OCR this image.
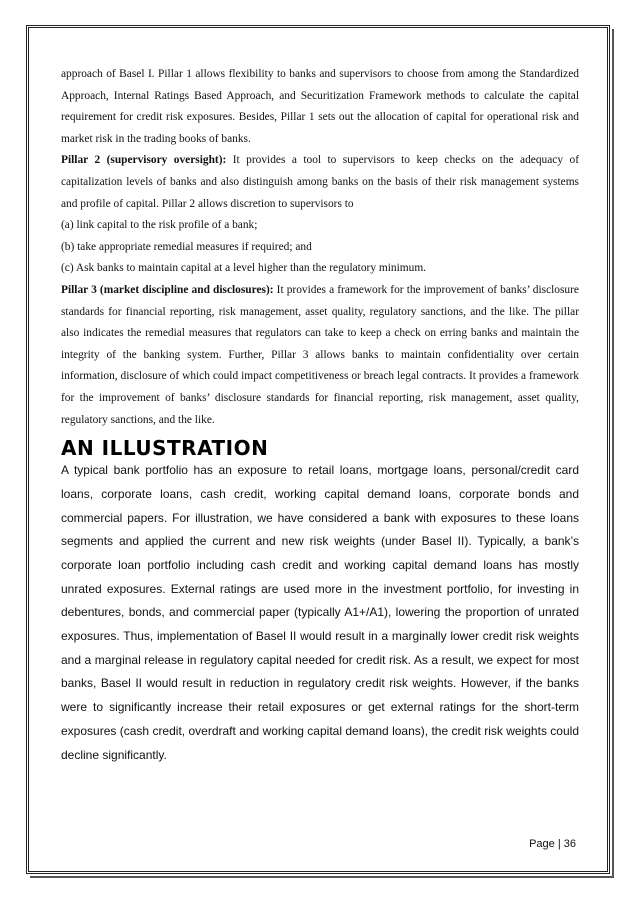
approach of Basel I. Pillar 1 allows flexibility to banks and supervisors to choose from among the Standardized Approach, Internal Ratings Based Approach, and Securitization Framework methods to calculate the capital requirement for credit risk exposures. Besides, Pillar 1 sets out the allocation of capital for operational risk and market risk in the trading books of banks.

Pillar 2 (supervisory oversight): It provides a tool to supervisors to keep checks on the adequacy of capitalization levels of banks and also distinguish among banks on the basis of their risk management systems and profile of capital. Pillar 2 allows discretion to supervisors to

(a) link capital to the risk profile of a bank;

(b) take appropriate remedial measures if required; and

(c) Ask banks to maintain capital at a level higher than the regulatory minimum.

Pillar 3 (market discipline and disclosures): It provides a framework for the improvement of banks’ disclosure standards for financial reporting, risk management, asset quality, regulatory sanctions, and the like. The pillar also indicates the remedial measures that regulators can take to keep a check on erring banks and maintain the integrity of the banking system. Further, Pillar 3 allows banks to maintain confidentiality over certain information, disclosure of which could impact competitiveness or breach legal contracts. It provides a framework for the improvement of banks’ disclosure standards for financial reporting, risk management, asset quality, regulatory sanctions, and the like.

AN ILLUSTRATION

A typical bank portfolio has an exposure to retail loans, mortgage loans, personal/credit card loans, corporate loans, cash credit, working capital demand loans, corporate bonds and commercial papers. For illustration, we have considered a bank with exposures to these loans segments and applied the current and new risk weights (under Basel II). Typically, a bank’s corporate loan portfolio including cash credit and working capital demand loans has mostly unrated exposures. External ratings are used more in the investment portfolio, for investing in debentures, bonds, and commercial paper (typically A1+/A1), lowering the proportion of unrated exposures. Thus, implementation of Basel II would result in a marginally lower credit risk weights and a marginal release in regulatory capital needed for credit risk. As a result, we expect for most banks, Basel II would result in reduction in regulatory credit risk weights. However, if the banks were to significantly increase their retail exposures or get external ratings for the short-term exposures (cash credit, overdraft and working capital demand loans), the credit risk weights could decline significantly.

Page | 36
